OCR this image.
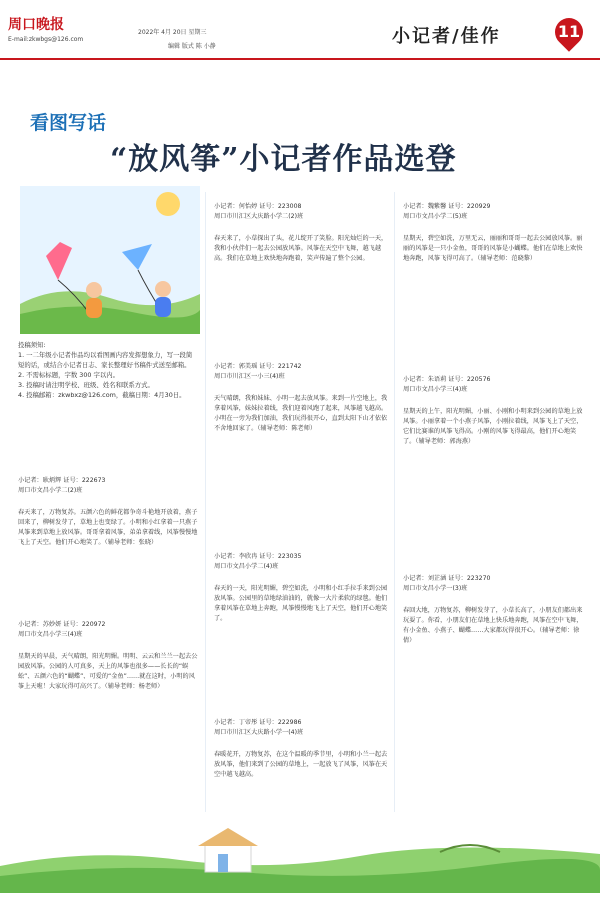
周口晚报
E-mail:zkwbgs@126.com
2022年 4月 20日 星期三
编辑 版式 陈 小静	小记者/佳作	11
看图写话
“放风筝”小记者作品选登
投稿须知:
1. 一二年级小记者作品均以看图画内容发挥想象力，写一段简短的话，或结合小记者日志、家长整理好书稿件式送至邮箱。
2. 不需标标题，字数 300 字以内。
3. 投稿时请注明学校、班级、姓名和联系方式。
4. 投稿邮箱：zkwbxz@126.com，截稿日期：4月30日。

小记者：耿炳辉 证号：222673
周口市文昌小学二(2)班

春天来了，万物复苏。五颜六色的鲜花都争奇斗艳地开放着，燕子回来了，柳树发芽了，草地上也变绿了。小明和小红拿着一只燕子风筝来到草地上放风筝。哥哥拿着风筝，弟弟拿着线，风筝慢慢地飞上了天空。他们开心地笑了。（辅导老师：张晓）

小记者：苏妙妍 证号：220972
周口市文昌小学三(4)班

星期天的早晨，天气晴朗，阳光明媚。明明、云云和兰兰一起去公园放风筝。公园的人可真多，天上的风筝也很多——长长的“蜈蚣”、五颜六色的“蝴蝶”、可爱的“金鱼”……就在这时，小明的风筝上天啦！大家玩得可高兴了。（辅导老师：杨老师）

小记者：何怡婷 证号：223008
周口市川汇区大庆路小学二(2)班

春天来了，小草探出了头，花儿绽开了笑脸。阳光灿烂的一天，我和小伙伴们一起去公园放风筝。风筝在天空中飞舞，越飞越高。我们在草地上欢快地奔跑着，笑声传遍了整个公园。

小记者：郭美瑶 证号：221742
周口市川汇区一小三(4)班

天气晴朗，我和妹妹、小明一起去放风筝。来到一片空地上，我拿着风筝，妹妹拉着线，我们迎着风跑了起来，风筝越飞越高。小明在一旁为我们加油，我们玩得很开心，直到太阳下山才依依不舍地回家了。（辅导老师：陈老师）

小记者：李欣冉 证号：223035
周口市文昌小学二(4)班

春天的一天，阳光明媚，碧空如洗，小明和小红手拉手来到公园放风筝。公园里的草地绿油油的，就像一大片柔软的绿毯。他们拿着风筝在草地上奔跑，风筝慢慢地飞上了天空，他们开心地笑了。

小记者：丁帝彤 证号：222986
周口市川汇区大庆路小学一(4)班

春暖花开，万物复苏，在这个温暖的季节里，小明和小兰一起去放风筝，他们来到了公园的草地上，一起放飞了风筝，风筝在天空中越飞越高。

小记者：魏紫馨 证号：220929
周口市文昌小学二(5)班

星期天，碧空如洗，万里无云，丽丽和哥哥一起去公园放风筝。丽丽的风筝是一只小金鱼，哥哥的风筝是小蝴蝶。他们在草地上欢快地奔跑，风筝飞得可高了。（辅导老师：范晓黎）

小记者：朱语莉 证号：220576
周口市文昌小学三(4)班

星期天的上午，阳光明媚，小丽、小刚和小明来到公园的草地上放风筝。小丽拿着一个小燕子风筝，小刚拉着线，风筝飞上了天空，它们比赛谁的风筝飞得高。小刚的风筝飞得最高，他们开心地笑了。（辅导老师：郭海燕）

小记者：刘芷涵 证号：223270
周口市文昌小学一(3)班

春回大地，万物复苏，柳树发芽了，小草长高了，小朋友们都出来玩耍了。你看，小朋友们在草地上快乐地奔跑，风筝在空中飞舞，有小金鱼、小燕子、蝴蝶……大家都玩得很开心。（辅导老师：徐倩）
